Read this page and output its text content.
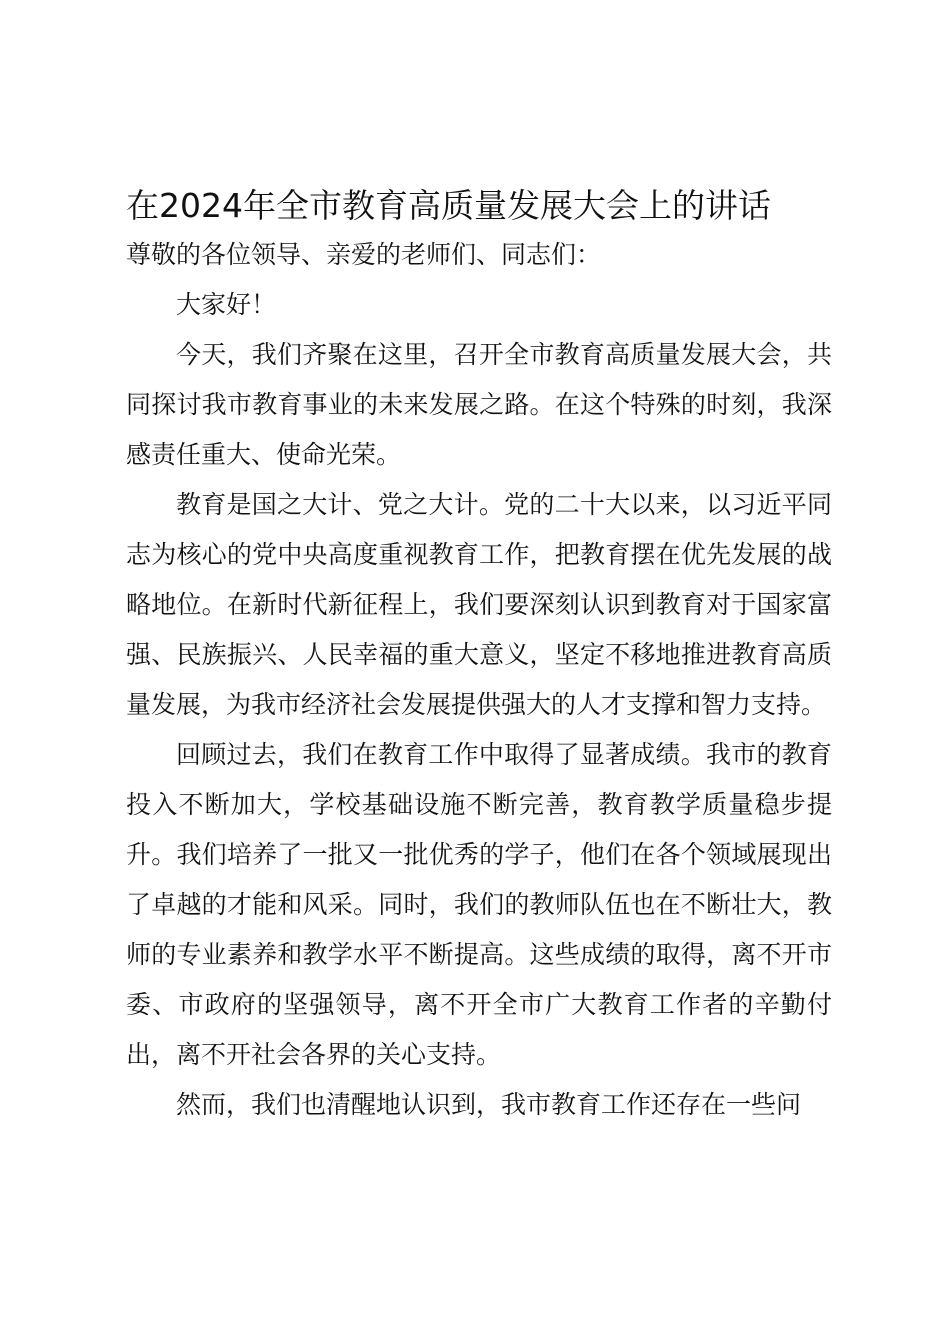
在2024年全市教育高质量发展大会上的讲话

尊敬的各位领导、亲爱的老师们、同志们：

大家好！

今天，我们齐聚在这里，召开全市教育高质量发展大会，共同探讨我市教育事业的未来发展之路。在这个特殊的时刻，我深感责任重大、使命光荣。

教育是国之大计、党之大计。党的二十大以来，以习近平同志为核心的党中央高度重视教育工作，把教育摆在优先发展的战略地位。在新时代新征程上，我们要深刻认识到教育对于国家富强、民族振兴、人民幸福的重大意义，坚定不移地推进教育高质量发展，为我市经济社会发展提供强大的人才支撑和智力支持。

回顾过去，我们在教育工作中取得了显著成绩。我市的教育投入不断加大，学校基础设施不断完善，教育教学质量稳步提升。我们培养了一批又一批优秀的学子，他们在各个领域展现出了卓越的才能和风采。同时，我们的教师队伍也在不断壮大，教师的专业素养和教学水平不断提高。这些成绩的取得，离不开市委、市政府的坚强领导，离不开全市广大教育工作者的辛勤付出，离不开社会各界的关心支持。

然而，我们也清醒地认识到，我市教育工作还存在一些问
